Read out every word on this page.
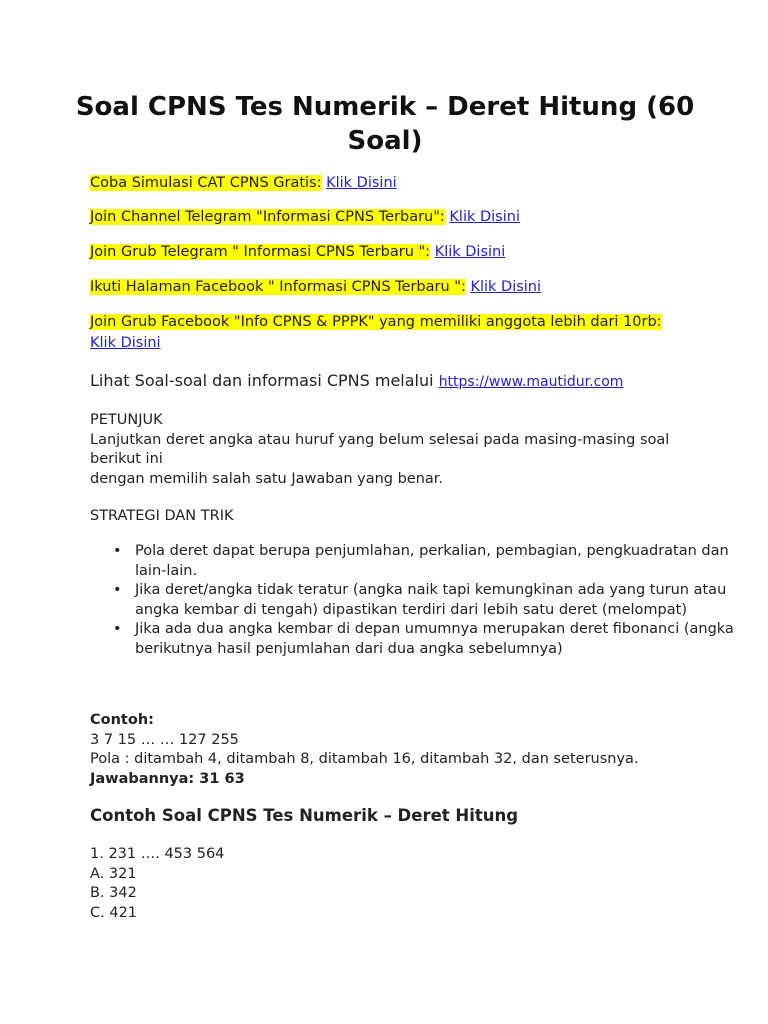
Soal CPNS Tes Numerik – Deret Hitung (60 Soal)
Coba Simulasi CAT CPNS Gratis: Klik Disini
Join Channel Telegram "Informasi CPNS Terbaru": Klik Disini
Join Grub Telegram " Informasi CPNS Terbaru ": Klik Disini
Ikuti Halaman Facebook " Informasi CPNS Terbaru ": Klik Disini
Join Grub Facebook "Info CPNS & PPPK" yang memiliki anggota lebih dari 10rb: Klik Disini
Lihat Soal-soal dan informasi CPNS melalui https://www.mautidur.com
PETUNJUK
Lanjutkan deret angka atau huruf yang belum selesai pada masing-masing soal berikut ini
dengan memilih salah satu Jawaban yang benar.
STRATEGI DAN TRIK
• Pola deret dapat berupa penjumlahan, perkalian, pembagian, pengkuadratan dan lain-lain.
• Jika deret/angka tidak teratur (angka naik tapi kemungkinan ada yang turun atau angka kembar di tengah) dipastikan terdiri dari lebih satu deret (melompat)
• Jika ada dua angka kembar di depan umumnya merupakan deret fibonanci (angka berikutnya hasil penjumlahan dari dua angka sebelumnya)
Contoh:
3 7 15 … … 127 255
Pola : ditambah 4, ditambah 8, ditambah 16, ditambah 32, dan seterusnya.
Jawabannya: 31 63
Contoh Soal CPNS Tes Numerik – Deret Hitung
1. 231 …. 453 564
A. 321
B. 342
C. 421
